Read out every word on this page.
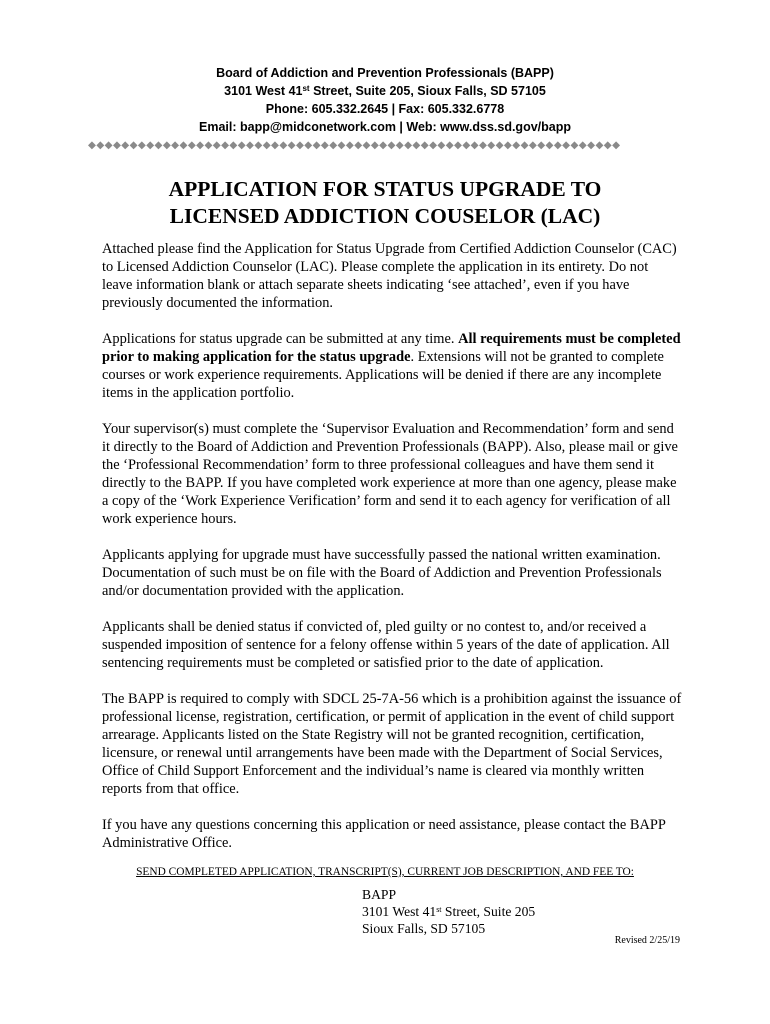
Board of Addiction and Prevention Professionals (BAPP)
3101 West 41st Street, Suite 205, Sioux Falls, SD 57105
Phone: 605.332.2645 | Fax: 605.332.6778
Email: bapp@midconetwork.com | Web: www.dss.sd.gov/bapp
◆◆◆◆◆◆◆◆◆◆◆◆◆◆◆◆◆◆◆◆◆◆◆◆◆◆◆◆◆◆◆◆◆◆◆◆◆◆◆◆◆◆◆◆◆◆◆◆◆◆◆◆◆◆◆◆◆◆◆◆◆◆◆◆
APPLICATION FOR STATUS UPGRADE TO
LICENSED ADDICTION COUSELOR (LAC)

Attached please find the Application for Status Upgrade from Certified Addiction Counselor (CAC) to Licensed Addiction Counselor (LAC). Please complete the application in its entirety. Do not leave information blank or attach separate sheets indicating ‘see attached’, even if you have previously documented the information.

Applications for status upgrade can be submitted at any time. All requirements must be completed prior to making application for the status upgrade. Extensions will not be granted to complete courses or work experience requirements. Applications will be denied if there are any incomplete items in the application portfolio.

Your supervisor(s) must complete the ‘Supervisor Evaluation and Recommendation’ form and send it directly to the Board of Addiction and Prevention Professionals (BAPP). Also, please mail or give the ‘Professional Recommendation’ form to three professional colleagues and have them send it directly to the BAPP. If you have completed work experience at more than one agency, please make a copy of the ‘Work Experience Verification’ form and send it to each agency for verification of all work experience hours.

Applicants applying for upgrade must have successfully passed the national written examination. Documentation of such must be on file with the Board of Addiction and Prevention Professionals and/or documentation provided with the application.

Applicants shall be denied status if convicted of, pled guilty or no contest to, and/or received a suspended imposition of sentence for a felony offense within 5 years of the date of application. All sentencing requirements must be completed or satisfied prior to the date of application.

The BAPP is required to comply with SDCL 25-7A-56 which is a prohibition against the issuance of professional license, registration, certification, or permit of application in the event of child support arrearage. Applicants listed on the State Registry will not be granted recognition, certification, licensure, or renewal until arrangements have been made with the Department of Social Services, Office of Child Support Enforcement and the individual’s name is cleared via monthly written reports from that office.

If you have any questions concerning this application or need assistance, please contact the BAPP Administrative Office.

SEND COMPLETED APPLICATION, TRANSCRIPT(S), CURRENT JOB DESCRIPTION, AND FEE TO:
BAPP
3101 West 41st Street, Suite 205
Sioux Falls, SD 57105
Revised 2/25/19
